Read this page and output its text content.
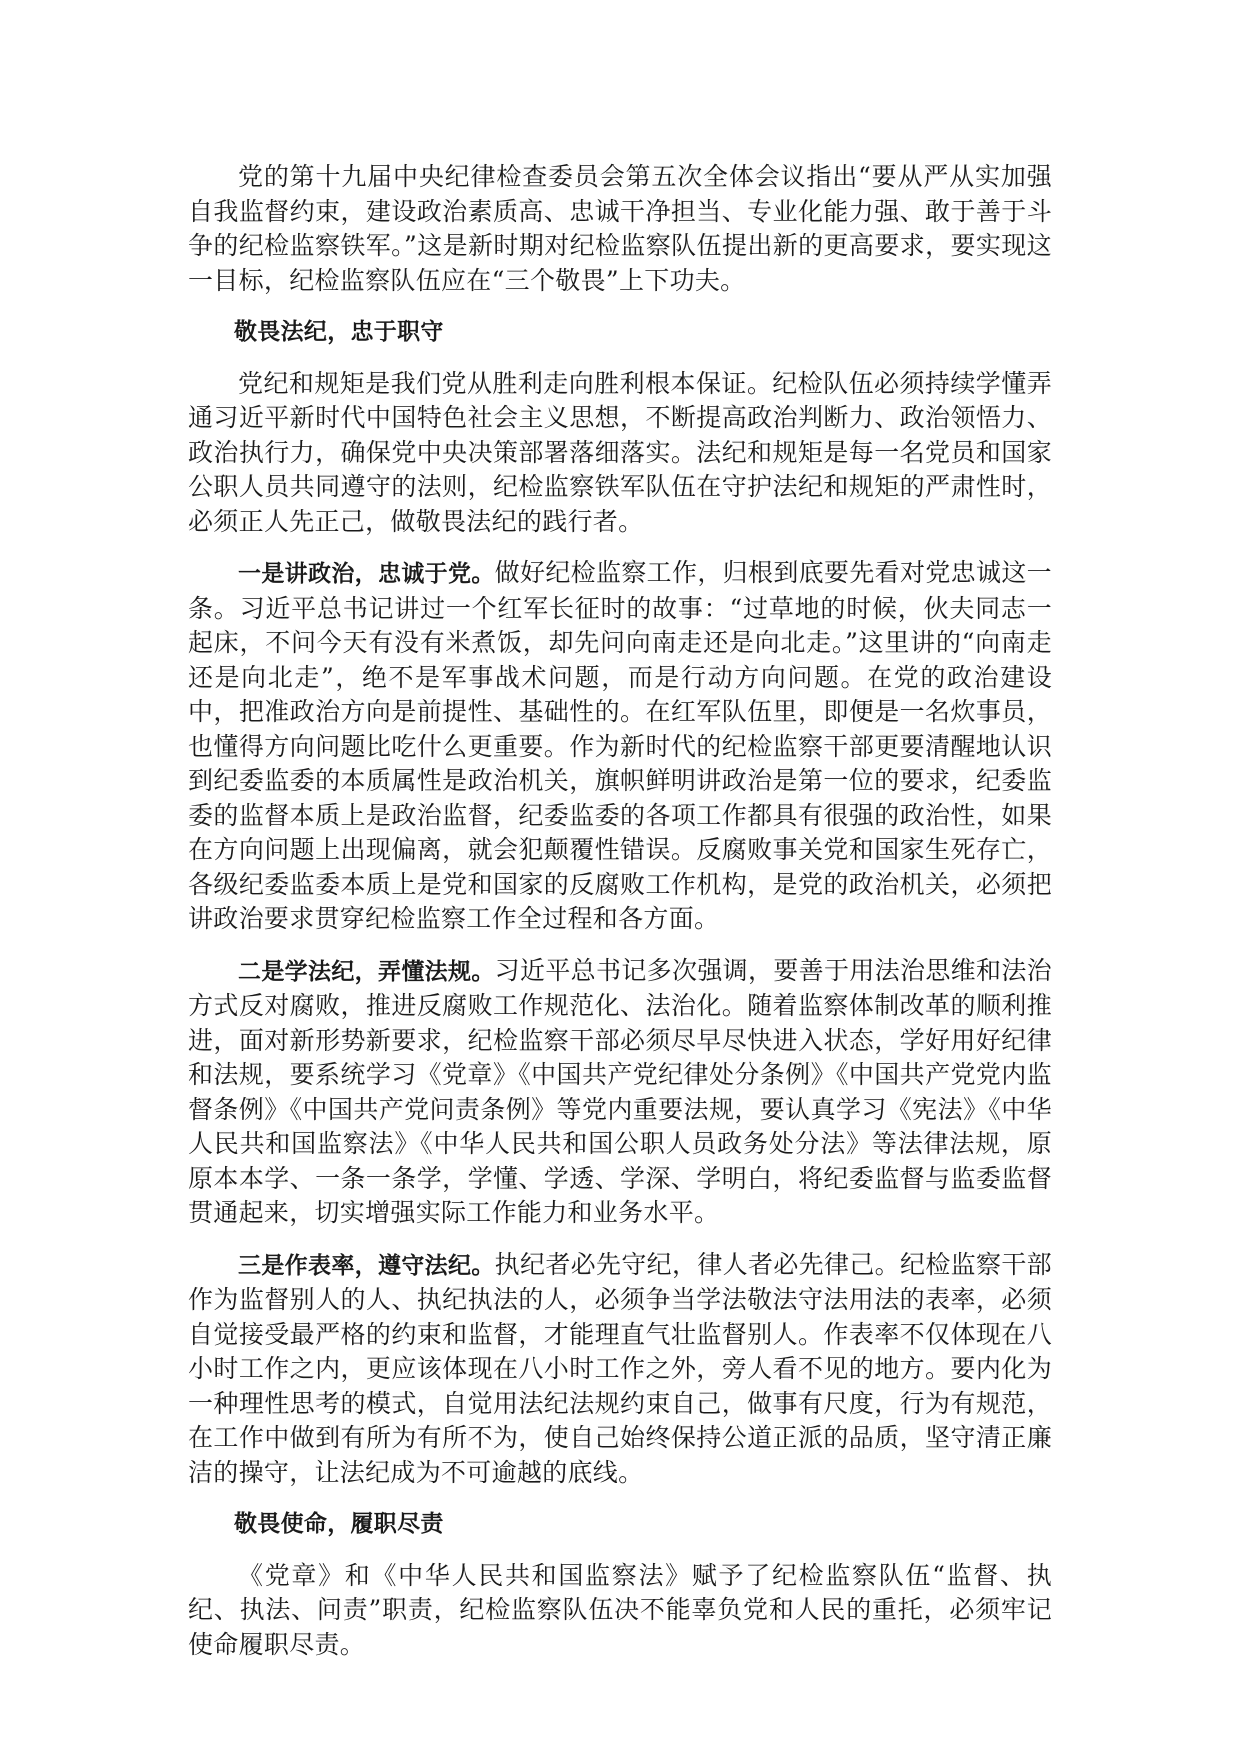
党的第十九届中央纪律检查委员会第五次全体会议指出“要从严从实加强自我监督约束，建设政治素质高、忠诚干净担当、专业化能力强、敢于善于斗争的纪检监察铁军。”这是新时期对纪检监察队伍提出新的更高要求，要实现这一目标，纪检监察队伍应在“三个敬畏”上下功夫。

敬畏法纪，忠于职守

党纪和规矩是我们党从胜利走向胜利根本保证。纪检队伍必须持续学懂弄通习近平新时代中国特色社会主义思想，不断提高政治判断力、政治领悟力、政治执行力，确保党中央决策部署落细落实。法纪和规矩是每一名党员和国家公职人员共同遵守的法则，纪检监察铁军队伍在守护法纪和规矩的严肃性时，必须正人先正己，做敬畏法纪的践行者。

一是讲政治，忠诚于党。做好纪检监察工作，归根到底要先看对党忠诚这一条。习近平总书记讲过一个红军长征时的故事：“过草地的时候，伙夫同志一起床，不问今天有没有米煮饭，却先问向南走还是向北走。”这里讲的“向南走还是向北走”，绝不是军事战术问题，而是行动方向问题。在党的政治建设中，把准政治方向是前提性、基础性的。在红军队伍里，即便是一名炊事员，也懂得方向问题比吃什么更重要。作为新时代的纪检监察干部更要清醒地认识到纪委监委的本质属性是政治机关，旗帜鲜明讲政治是第一位的要求，纪委监委的监督本质上是政治监督，纪委监委的各项工作都具有很强的政治性，如果在方向问题上出现偏离，就会犯颠覆性错误。反腐败事关党和国家生死存亡，各级纪委监委本质上是党和国家的反腐败工作机构，是党的政治机关，必须把讲政治要求贯穿纪检监察工作全过程和各方面。

二是学法纪，弄懂法规。习近平总书记多次强调，要善于用法治思维和法治方式反对腐败，推进反腐败工作规范化、法治化。随着监察体制改革的顺利推进，面对新形势新要求，纪检监察干部必须尽早尽快进入状态，学好用好纪律和法规，要系统学习《党章》《中国共产党纪律处分条例》《中国共产党党内监督条例》《中国共产党问责条例》等党内重要法规，要认真学习《宪法》《中华人民共和国监察法》《中华人民共和国公职人员政务处分法》等法律法规，原原本本学、一条一条学，学懂、学透、学深、学明白，将纪委监督与监委监督贯通起来，切实增强实际工作能力和业务水平。

三是作表率，遵守法纪。执纪者必先守纪，律人者必先律己。纪检监察干部作为监督别人的人、执纪执法的人，必须争当学法敬法守法用法的表率，必须自觉接受最严格的约束和监督，才能理直气壮监督别人。作表率不仅体现在八小时工作之内，更应该体现在八小时工作之外，旁人看不见的地方。要内化为一种理性思考的模式，自觉用法纪法规约束自己，做事有尺度，行为有规范，在工作中做到有所为有所不为，使自己始终保持公道正派的品质，坚守清正廉洁的操守，让法纪成为不可逾越的底线。

敬畏使命，履职尽责

《党章》和《中华人民共和国监察法》赋予了纪检监察队伍“监督、执纪、执法、问责”职责，纪检监察队伍决不能辜负党和人民的重托，必须牢记使命履职尽责。
